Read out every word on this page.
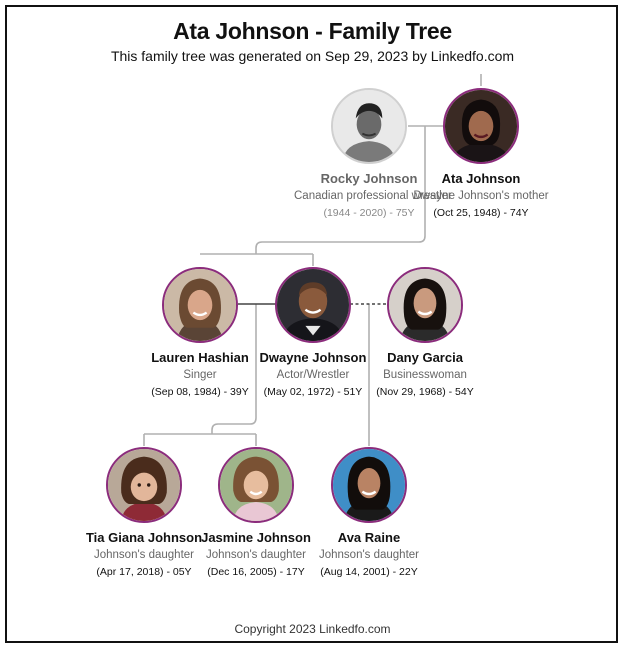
Ata Johnson - Family Tree
This family tree was generated on Sep 29, 2023 by Linkedfo.com
Rocky Johnson
Canadian professional wrestler
(1944 - 2020) - 75Y
Ata Johnson
Dwayne Johnson's mother
(Oct 25, 1948) - 74Y
Lauren Hashian
Singer
(Sep 08, 1984) - 39Y
Dwayne Johnson
Actor/Wrestler
(May 02, 1972) - 51Y
Dany Garcia
Businesswoman
(Nov 29, 1968) - 54Y
Tia Giana Johnson
Johnson's daughter
(Apr 17, 2018) - 05Y
Jasmine Johnson
Johnson's daughter
(Dec 16, 2005) - 17Y
Ava Raine
Johnson's daughter
(Aug 14, 2001) - 22Y
Copyright 2023 Linkedfo.com
